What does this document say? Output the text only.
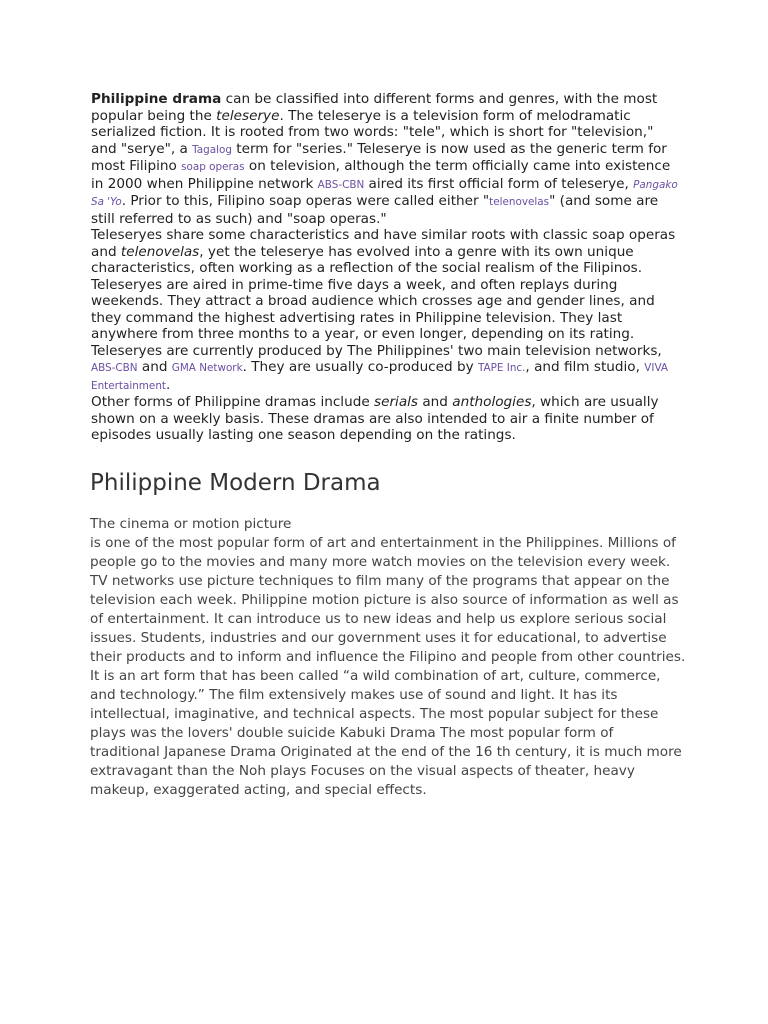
Philippine drama can be classified into different forms and genres, with the most popular being the teleserye. The teleserye is a television form of melodramatic serialized fiction. It is rooted from two words: "tele", which is short for "television," and "serye", a Tagalog term for "series." Teleserye is now used as the generic term for most Filipino soap operas on television, although the term officially came into existence in 2000 when Philippine network ABS-CBN aired its first official form of teleserye, Pangako Sa 'Yo. Prior to this, Filipino soap operas were called either "telenovelas" (and some are still referred to as such) and "soap operas."

Teleseryes share some characteristics and have similar roots with classic soap operas and telenovelas, yet the teleserye has evolved into a genre with its own unique characteristics, often working as a reflection of the social realism of the Filipinos. Teleseryes are aired in prime-time five days a week, and often replays during weekends. They attract a broad audience which crosses age and gender lines, and they command the highest advertising rates in Philippine television. They last anywhere from three months to a year, or even longer, depending on its rating. Teleseryes are currently produced by The Philippines' two main television networks, ABS-CBN and GMA Network. They are usually co-produced by TAPE Inc., and film studio, VIVA Entertainment.

Other forms of Philippine dramas include serials and anthologies, which are usually shown on a weekly basis. These dramas are also intended to air a finite number of episodes usually lasting one season depending on the ratings.

Philippine Modern Drama

The cinema or motion picture

is one of the most popular form of art and entertainment in the Philippines. Millions of people go to the movies and many more watch movies on the television every week. TV networks use picture techniques to film many of the programs that appear on the television each week. Philippine motion picture is also source of information as well as of entertainment. It can introduce us to new ideas and help us explore serious social issues. Students, industries and our government uses it for educational, to advertise their products and to inform and influence the Filipino and people from other countries. It is an art form that has been called “a wild combination of art, culture, commerce, and technology.” The film extensively makes use of sound and light. It has its intellectual, imaginative, and technical aspects. The most popular subject for these plays was the lovers' double suicide Kabuki Drama The most popular form of traditional Japanese Drama Originated at the end of the 16 th century, it is much more extravagant than the Noh plays Focuses on the visual aspects of theater, heavy makeup, exaggerated acting, and special effects.
